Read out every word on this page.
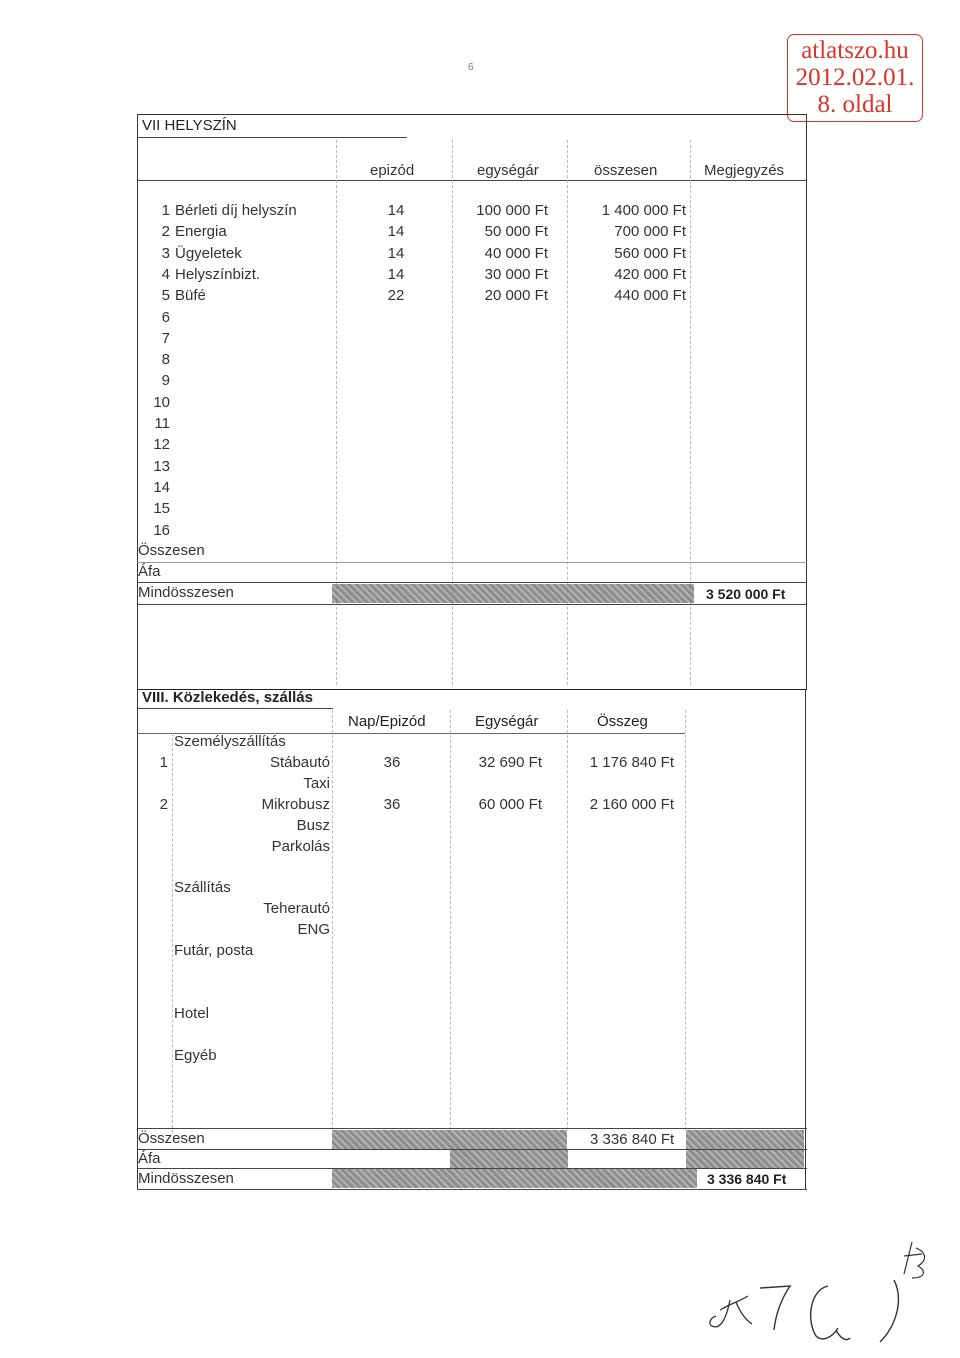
atlatszo.hu
2012.02.01.
8. oldal
6
VII HELYSZÍN
epizód	egységár	összesen	Megjegyzés
1 Bérleti díj helyszín	14	100 000 Ft	1 400 000 Ft
2 Energia	14	50 000 Ft	700 000 Ft
3 Ügyeletek	14	40 000 Ft	560 000 Ft
4 Helyszínbizt.	14	30 000 Ft	420 000 Ft
5 Büfé	22	20 000 Ft	440 000 Ft
6
7
8
9
10
11
12
13
14
15
16
Összesen
Áfa
Mindösszesen	3 520 000 Ft
VIII. Közlekedés, szállás
Nap/Epizód	Egységár	Összeg
Személyszállítás
1	Stábautó	36	32 690 Ft	1 176 840 Ft
Taxi
2	Mikrobusz	36	60 000 Ft	2 160 000 Ft
Busz
Parkolás
Szállítás
Teherautó
ENG
Futár, posta
Hotel
Egyéb
Összesen	3 336 840 Ft
Áfa
Mindösszesen	3 336 840 Ft
